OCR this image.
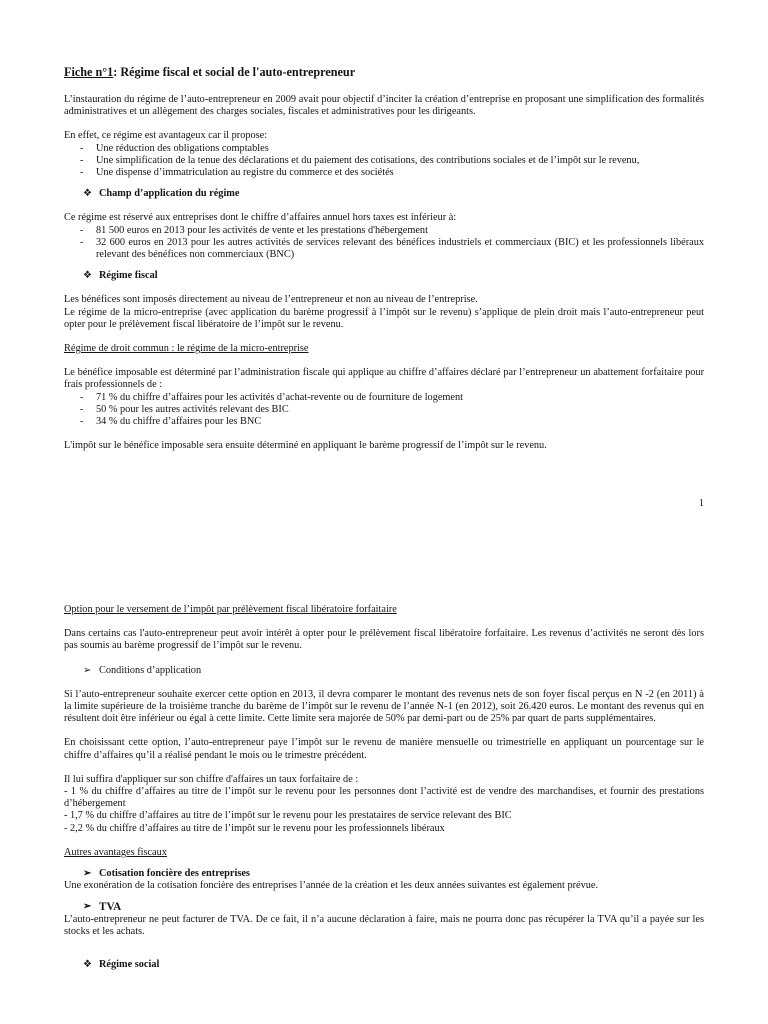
Fiche n°1: Régime fiscal et social de l'auto-entrepreneur

L’instauration du régime de l’auto-entrepreneur en 2009 avait pour objectif d’inciter la création d’entreprise en proposant une simplification des formalités administratives et un allègement des charges sociales, fiscales et administratives pour les dirigeants.

En effet, ce régime est avantageux car il propose:

- Une réduction des obligations comptables
- Une simplification de la tenue des déclarations et du paiement des cotisations, des contributions sociales et de l’impôt sur le revenu,
- Une dispense d’immatriculation au registre du commerce et des sociétés

❖ Champ d’application du régime

Ce régime est réservé aux entreprises dont le chiffre d’affaires annuel hors taxes est inférieur à:

- 81 500 euros en 2013 pour les activités de vente et les prestations d'hébergement
- 32 600 euros en 2013 pour les autres activités de services relevant des bénéfices industriels et commerciaux (BIC) et les professionnels libéraux relevant des bénéfices non commerciaux (BNC)

❖ Régime fiscal

Les bénéfices sont imposés directement au niveau de l’entrepreneur et non au niveau de l’entreprise.

Le régime de la micro-entreprise (avec application du barème progressif à l’impôt sur le revenu) s’applique de plein droit mais l’auto-entrepreneur peut opter pour le prélèvement fiscal libératoire de l’impôt sur le revenu.

Régime de droit commun : le régime de la micro-entreprise

Le bénéfice imposable est déterminé par l’administration fiscale qui applique au chiffre d’affaires déclaré par l’entrepreneur un abattement forfaitaire pour frais professionnels de :

- 71 % du chiffre d’affaires pour les activités d’achat-revente ou de fourniture de logement
- 50 % pour les autres activités relevant des BIC
- 34 % du chiffre d’affaires pour les BNC

L'impôt sur le bénéfice imposable sera ensuite déterminé en appliquant le barème progressif de l’impôt sur le revenu.

1

Option pour le versement de l’impôt par prélèvement fiscal libératoire forfaitaire

Dans certains cas l'auto-entrepreneur peut avoir intérêt à opter pour le prélèvement fiscal libératoire forfaitaire. Les revenus d’activités ne seront dès lors pas soumis au barème progressif de l’impôt sur le revenu.

➢ Conditions d’application

Si l’auto-entrepreneur souhaite exercer cette option en 2013, il devra comparer le montant des revenus nets de son foyer fiscal perçus en N -2 (en 2011) à la limite supérieure de la troisième tranche du barème de l’impôt sur le revenu de l’année N-1 (en 2012), soit 26.420 euros. Le montant des revenus qui en résultent doit être inférieur ou égal à cette limite. Cette limite sera majorée de 50% par demi-part ou de 25% par quart de parts supplémentaires.

En choisissant cette option, l’auto-entrepreneur paye l’impôt sur le revenu de manière mensuelle ou trimestrielle en appliquant un pourcentage sur le chiffre d’affaires qu’il a réalisé pendant le mois ou le trimestre précédent.

Il lui suffira d'appliquer sur son chiffre d'affaires un taux forfaitaire de :

- 1 % du chiffre d’affaires au titre de l’impôt sur le revenu pour les personnes dont l’activité est de vendre des marchandises, et fournir des prestations d’hébergement

- 1,7 % du chiffre d’affaires au titre de l’impôt sur le revenu pour les prestataires de service relevant des BIC

- 2,2 % du chiffre d’affaires au titre de l’impôt sur le revenu pour les professionnels libéraux

Autres avantages fiscaux

➢ Cotisation foncière des entreprises

Une exonération de la cotisation foncière des entreprises l’année de la création et les deux années suivantes est également prévue.

➢ TVA

L’auto-entrepreneur ne peut facturer de TVA. De ce fait, il n’a aucune déclaration à faire, mais ne pourra donc pas récupérer la TVA qu’il a payée sur les stocks et les achats.

❖ Régime social
